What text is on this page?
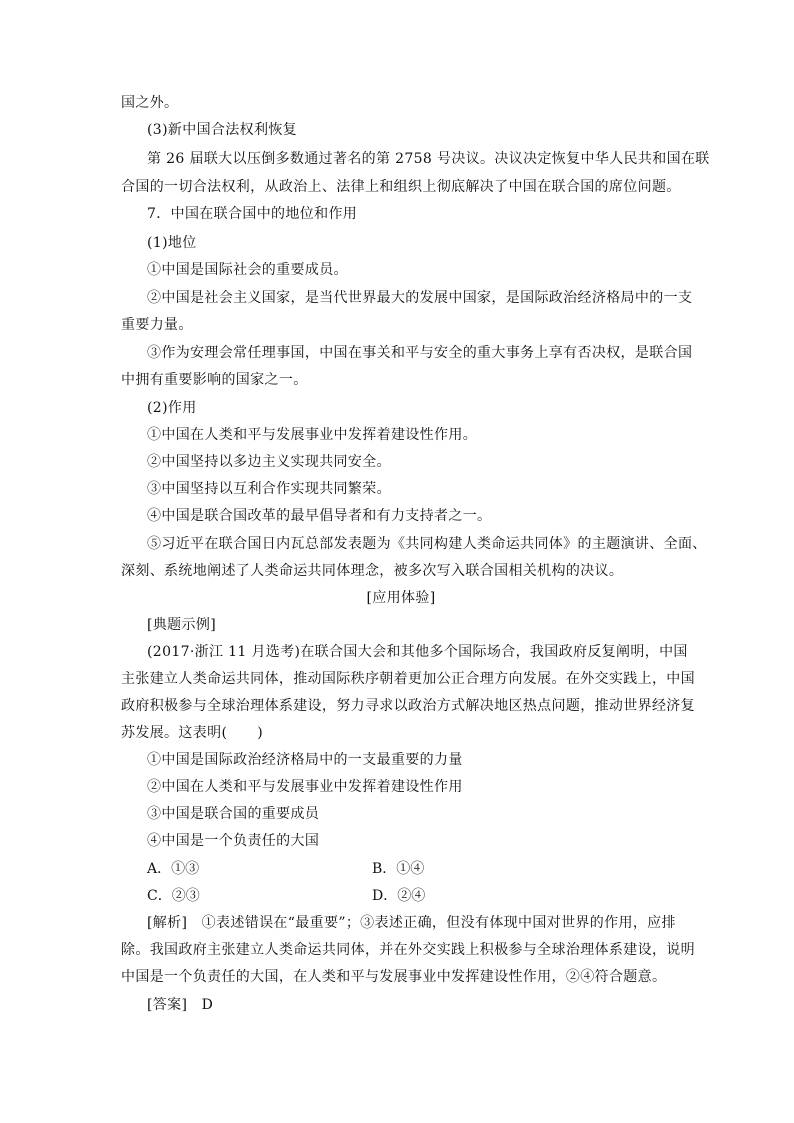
国之外。
(3)新中国合法权利恢复
第 26 届联大以压倒多数通过著名的第 2758 号决议。决议决定恢复中华人民共和国在联
合国的一切合法权利，从政治上、法律上和组织上彻底解决了中国在联合国的席位问题。
7．中国在联合国中的地位和作用
(1)地位
①中国是国际社会的重要成员。
②中国是社会主义国家，是当代世界最大的发展中国家，是国际政治经济格局中的一支
重要力量。
③作为安理会常任理事国，中国在事关和平与安全的重大事务上享有否决权，是联合国
中拥有重要影响的国家之一。
(2)作用
①中国在人类和平与发展事业中发挥着建设性作用。
②中国坚持以多边主义实现共同安全。
③中国坚持以互利合作实现共同繁荣。
④中国是联合国改革的最早倡导者和有力支持者之一。
⑤习近平在联合国日内瓦总部发表题为《共同构建人类命运共同体》的主题演讲、全面、
深刻、系统地阐述了人类命运共同体理念，被多次写入联合国相关机构的决议。
[应用体验]
[典题示例]
(2017·浙江 11 月选考)在联合国大会和其他多个国际场合，我国政府反复阐明，中国
主张建立人类命运共同体，推动国际秩序朝着更加公正合理方向发展。在外交实践上，中国
政府积极参与全球治理体系建设，努力寻求以政治方式解决地区热点问题，推动世界经济复
苏发展。这表明( )
①中国是国际政治经济格局中的一支最重要的力量
②中国在人类和平与发展事业中发挥着建设性作用
③中国是联合国的重要成员
④中国是一个负责任的大国
A．①③	B．①④
C．②③	D．②④
[解析]　①表述错误在“最重要”；③表述正确，但没有体现中国对世界的作用，应排
除。我国政府主张建立人类命运共同体，并在外交实践上积极参与全球治理体系建设，说明
中国是一个负责任的大国，在人类和平与发展事业中发挥建设性作用，②④符合题意。
[答案]　D
